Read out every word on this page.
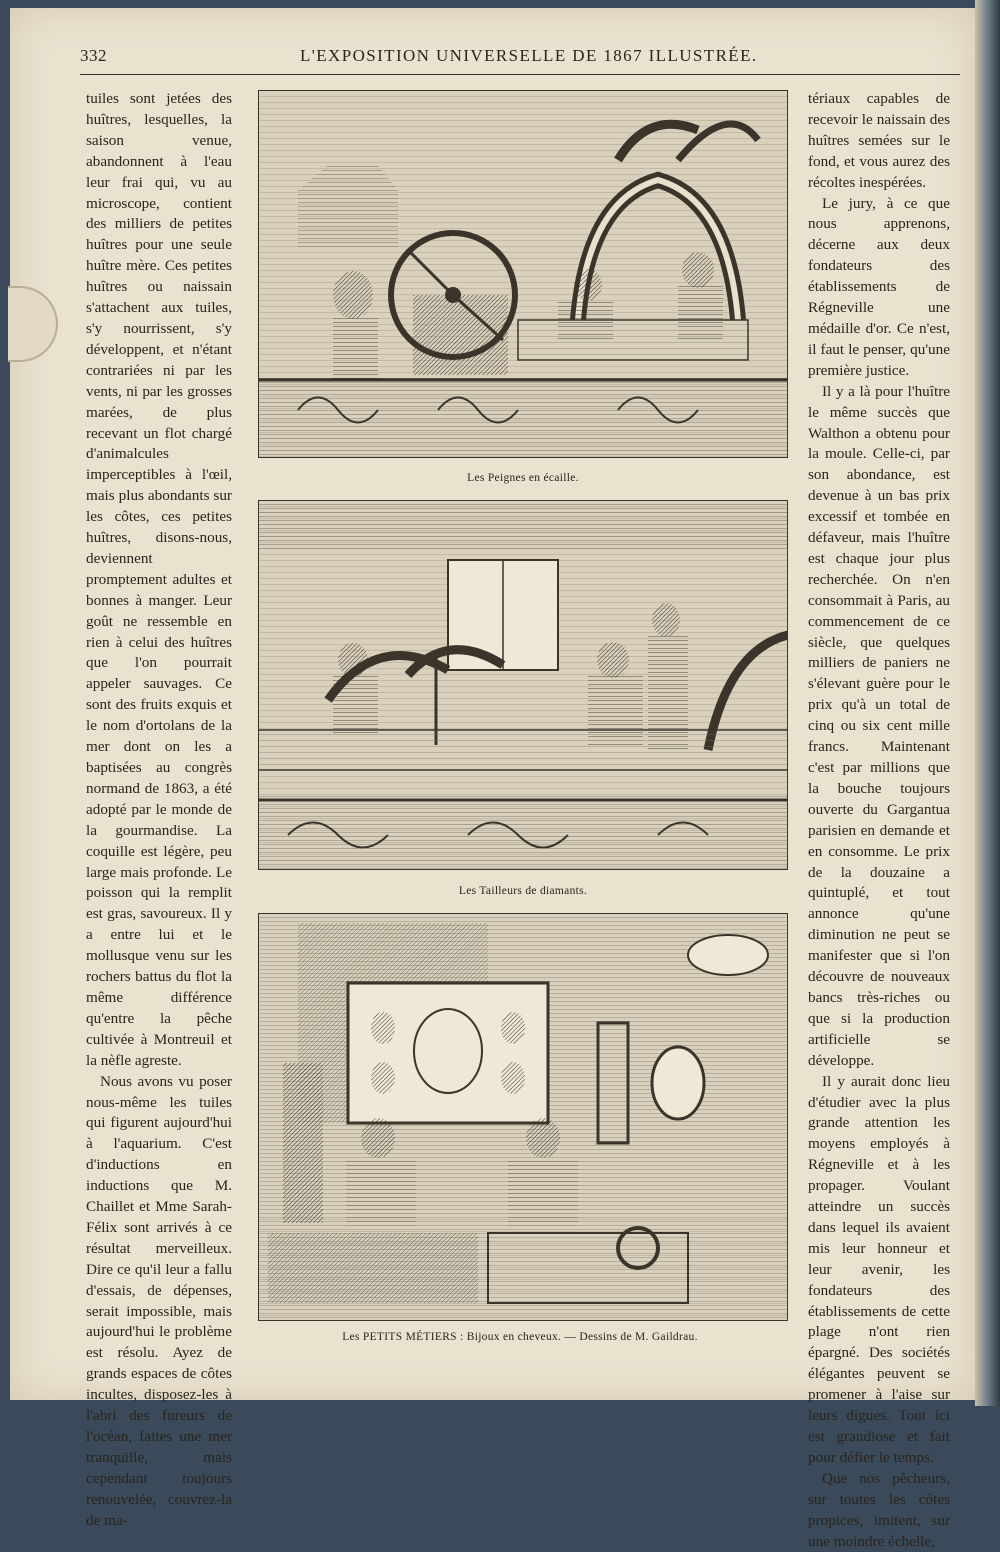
332	L'EXPOSITION UNIVERSELLE DE 1867 ILLUSTRÉE.

tuiles sont jetées des huîtres, lesquelles, la saison venue, abandonnent à l'eau leur frai qui, vu au microscope, contient des milliers de petites huîtres pour une seule huître mère. Ces petites huîtres ou naissain s'attachent aux tuiles, s'y nourrissent, s'y développent, et n'étant contrariées ni par les vents, ni par les grosses marées, de plus recevant un flot chargé d'animalcules imperceptibles à l'œil, mais plus abondants sur les côtes, ces petites huîtres, disons-nous, deviennent promptement adultes et bonnes à manger. Leur goût ne ressemble en rien à celui des huîtres que l'on pourrait appeler sauvages. Ce sont des fruits exquis et le nom d'ortolans de la mer dont on les a baptisées au congrès normand de 1863, a été adopté par le monde de la gourmandise. La coquille est légère, peu large mais profonde. Le poisson qui la remplit est gras, savoureux. Il y a entre lui et le mollusque venu sur les rochers battus du flot la même différence qu'entre la pêche cultivée à Montreuil et la nèfle agreste.

Nous avons vu poser nous-même les tuiles qui figurent aujourd'hui à l'aquarium. C'est d'inductions en inductions que M. Chaillet et Mme Sarah-Félix sont arrivés à ce résultat merveilleux. Dire ce qu'il leur a fallu d'essais, de dépenses, serait impossible, mais aujourd'hui le problème est résolu. Ayez de grands espaces de côtes incultes, disposez-les à l'abri des fureurs de l'océan, faites une mer tranquille, mais cependant toujours renouvelée, couvrez-la de ma-

tériaux capables de recevoir le naissain des huîtres semées sur le fond, et vous aurez des récoltes inespérées.

Le jury, à ce que nous apprenons, décerne aux deux fondateurs des établissements de Régneville une médaille d'or. Ce n'est, il faut le penser, qu'une première justice.

Il y a là pour l'huître le même succès que Walthon a obtenu pour la moule. Celle-ci, par son abondance, est devenue à un bas prix excessif et tombée en défaveur, mais l'huître est chaque jour plus recherchée. On n'en consommait à Paris, au commencement de ce siècle, que quelques milliers de paniers ne s'élevant guère pour le prix qu'à un total de cinq ou six cent mille francs. Maintenant c'est par millions que la bouche toujours ouverte du Gargantua parisien en demande et en consomme. Le prix de la douzaine a quintuplé, et tout annonce qu'une diminution ne peut se manifester que si l'on découvre de nouveaux bancs très-riches ou que si la production artificielle se développe.

Il y aurait donc lieu d'étudier avec la plus grande attention les moyens employés à Régneville et à les propager. Voulant atteindre un succès dans lequel ils avaient mis leur honneur et leur avenir, les fondateurs des établissements de cette plage n'ont rien épargné. Des sociétés élégantes peuvent se promener à l'aise sur leurs digues. Tout ici est grandiose et fait pour défier le temps.

Que nos pêcheurs, sur toutes les côtes propices, imitent, sur une moindre échelle,

Les Peignes en écaille.
Les Tailleurs de diamants.
Les PETITS MÉTIERS : Bijoux en cheveux. — Dessins de M. Gaildrau.
